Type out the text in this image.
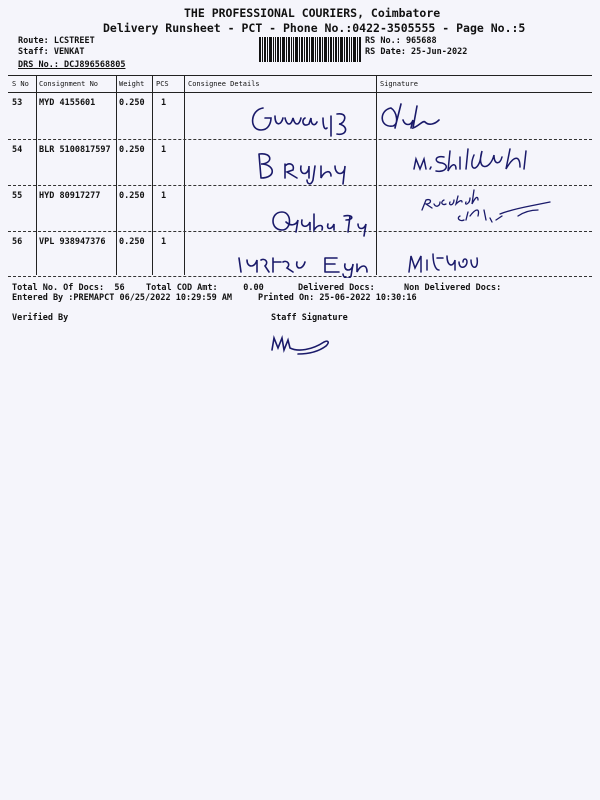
THE PROFESSIONAL COURIERS, Coimbatore
Delivery Runsheet - PCT - Phone No.:0422-3505555 - Page No.:5
Route: LCSTREET
Staff: VENKAT
DRS No.: DCJ896568805
RS No.: 965688
RS Date: 25-Jun-2022
S No Consignment No	Weight PCS	Consignee Details	Signature
53 MYD 4155601	0.250 1
54 BLR 5100817597 0.250 1
55 HYD 80917277 0.250 1
56 VPL 938947376 0.250 1
Total No. Of Docs:  56	Total COD Amt:     0.00	Delivered Docs:	Non Delivered Docs:
Entered By :PREMAPCT 06/25/2022 10:29:59 AM	Printed On: 25-06-2022 10:30:16
Verified By	Staff Signature
